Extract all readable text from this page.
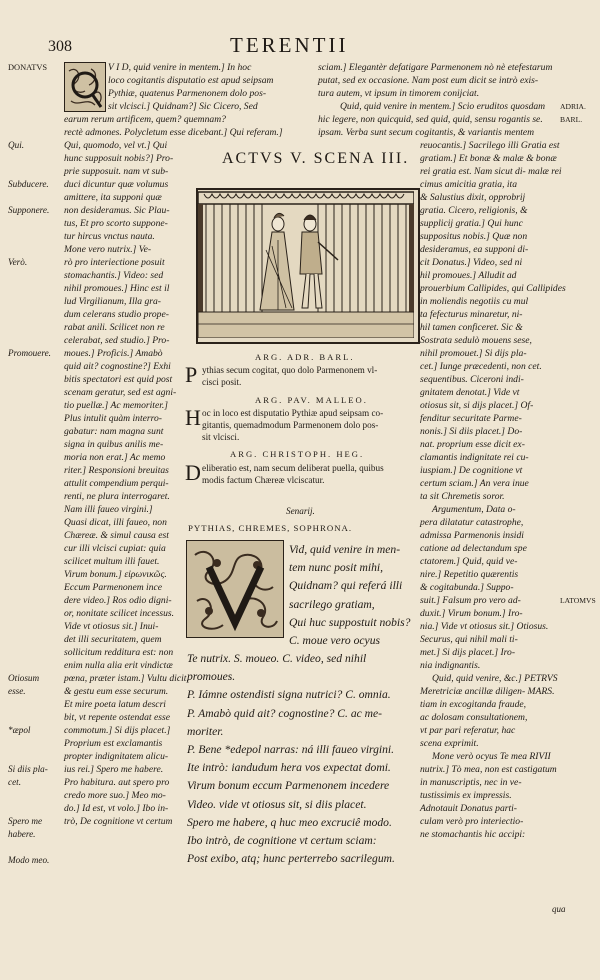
308	TERENTII
V I D, quid venire in mentem.] In hoc
loco cogitantis disputatio est apud seipsam
Pythiæ, quatenus Parmenonem dolo pos-
sit vlcisci.] Quidnam?] Sic Cicero, Sed
earum rerum artificem, quem? quemnam?
rectè admones. Polycletum esse dicebant.] Qui referam.]
Qui, quomodo, vel vt.] Qui
hunc supposuit nobis?] Pro-
prie supposuit. nam vt sub-
duci dicuntur quæ volumus
amittere, ita supponi quæ
non desideramus. Sic Plau-
tus, Et pro scorto suppone-
tur hircus vnctus nauta.
Mone vero nutrix.] Ve-
rò pro interiectione posuit
stomachantis.] Video: sed
nihil promoues.] Hinc est il
lud Virgilianum, Illa gra-
dum celerans studio prope-
rabat anili. Scilicet non re
celerabat, sed studio.] Pro-
moues.] Proficis.] Amabò
quid ait? cognostine?] Exhi
bitis spectatori est quid post
scenam geratur, sed est agni-
tio puellæ.] Ac memoriter.]
Plus intulit quàm interro-
gabatur: nam magna sunt
signa in quibus anilis me-
moria non erat.] Ac memo
riter.] Responsioni breuitas
attulit compendium perqui-
renti, ne plura interrogaret.
Nam illi faueo virgini.]
Quasi dicat, illi faueo, non
Chæreæ. & simul causa est
cur illi vlcisci cupiat: quia
scilicet multum illi fauet.
Virum bonum.] εἰρωνικῶς.
Eccum Parmenonem ince
dere video.] Ros odio digni-
or, nonitate scilicet incessus.
Vide vt otiosus sit.] Inui-
det illi securitatem, quem
sollicitum redditura est: non
enim nulla alia erit vindictæ
pœna, præter istam.] Vultu dicit,
& gestu eum esse securum.
Et mire poeta latum descri
bit, vt repente ostendat esse
commotum.] Si dijs placet.]
Proprium est exclamantis
propter indignitatem alicu-
ius rei.] Spero me habere.
Pro habitura. aut spero pro
credo more suo.] Meo mo-
do.] Id est, vt volo.] Ibo in-
trò, De cognitione vt certum
DONATVS
Qui.
Subducere.
Supponere.
Verò.
Promouere.
Otiosum
esse.
*æpol
Si diis pla-
cet.
Spero me
habere.
Modo meo.
sciam.] Elegantèr defatigare Parmenonem nò nè etefestarum
putat, sed ex occasione. Nam post eum dicit se intrò exis-
tura autem, vt ipsum in timorem conijciat.
Quid, quid venire in mentem.] Scio eruditos quosdam
hic legere, non quicquid, sed quid, quid, sensu rogantis se.
ipsam. Verba sunt secum cogitantis, & variantis mentem
reuocantis.] Sacrilego illi Gratia est
gratiam.] Et bonæ & malæ & bonæ
rei gratia est. Nam sicut di- malæ rei
cimus amicitia gratia, ita
& Salustius dixit, opprobrij
gratia. Cicero, religionis, &
supplicij gratia.] Qui hunc
suppositus nobis.] Quæ non
desideramus, ea supponi di-
cit Donatus.] Video, sed ni
hil promoues.] Alludit ad
prouerbium Callipides, qui Callipides
in moliendis negotiis cu mul
ta fefecturus minaretur, ni-
hil tamen conficeret. Sic &
Sostrata sedulò mouens sese,
nihil promouet.] Si dijs pla-
cet.] Iunge præcedenti, non cet.
sequentibus. Ciceroni indi-
gnitatem denotat.] Vide vt
otiosus sit, si dijs placet.] Of-
fenditur securitate Parme-
nonis.] Si diis placet.] Do-
nat. proprium esse dicit ex-
clamantis indignitate rei cu-
iuspiam.] De cognitione vt
certum sciam.] An vera inue
ta sit Chremetis soror.
Argumentum, Data o-
pera dilatatur catastrophe,
admissa Parmenonis insidi
catione ad delectandum spe
ctatorem.] Quid, quid ve-
nire.] Repetitio quærentis
& cogitabunda.] Suppo-
suit.] Falsum pro vero ad-
duxit.] Virum bonum.] Iro-
nia.] Vide vt otiosus sit.] Otiosus.
Securus, qui nihil mali ti-
met.] Si dijs placet.] Iro-
nia indignantis.
Quid, quid venire, &c.] PETRVS
Meretriciæ ancillæ diligen- MARS.
tiam in excogitanda fraude,
ac dolosam consultationem,
vt par pari referatur, hac
scena exprimit.
Mone verò ocyus Te mea RIVII
nutrix.] Tò mea, non est castigatum
in manuscriptis, nec in ve-
tustissimis ex impressis.
Adnotauit Donatus parti-
culam verò pro interiectio-
ne stomachantis hic accipi:
ADRIA.
BARL.
LATOMVS
ACTVS V. SCENA III.
ARG. ADR. BARL.
P ythias secum cogitat, quo dolo Parmenonem vl-
cisci posit.
ARG. PAV. MALLEO.
H oc in loco est disputatio Pythiæ apud seipsam co-
gitantis, quemadmodum Parmenonem dolo pos-
sit vlcisci.
ARG. CHRISTOPH. HEG.
D eliberatio est, nam secum deliberat puella, quibus
modis factum Chæreæ vlciscatur.
Senarij.
PYTHIAS, CHREMES, SOPHRONA.
Vid, quid venire in men-
tem nunc posit mihi,
Quidnam? qui referá illi
sacrilego gratiam,
Qui huc suppostuit nobis?
C. moue vero ocyus
Te nutrix. S. moueo. C. video, sed nihil
promoues.
P. Iámne ostendisti signa nutrici? C. omnia.
P. Amabò quid ait? cognostine? C. ac me-
moriter.
P. Bene *edepol narras: ná illi faueo virgini.
Ite intrò: iandudum hera vos expectat domi.
Virum bonum eccum Parmenonem incedere
Video. vide vt otiosus sit, si diis placet.
Spero me habere, q huc meo excruciê modo.
Ibo intrò, de cognitione vt certum sciam:
Post exibo, atq; hunc perterrebo sacrilegum.
qua
